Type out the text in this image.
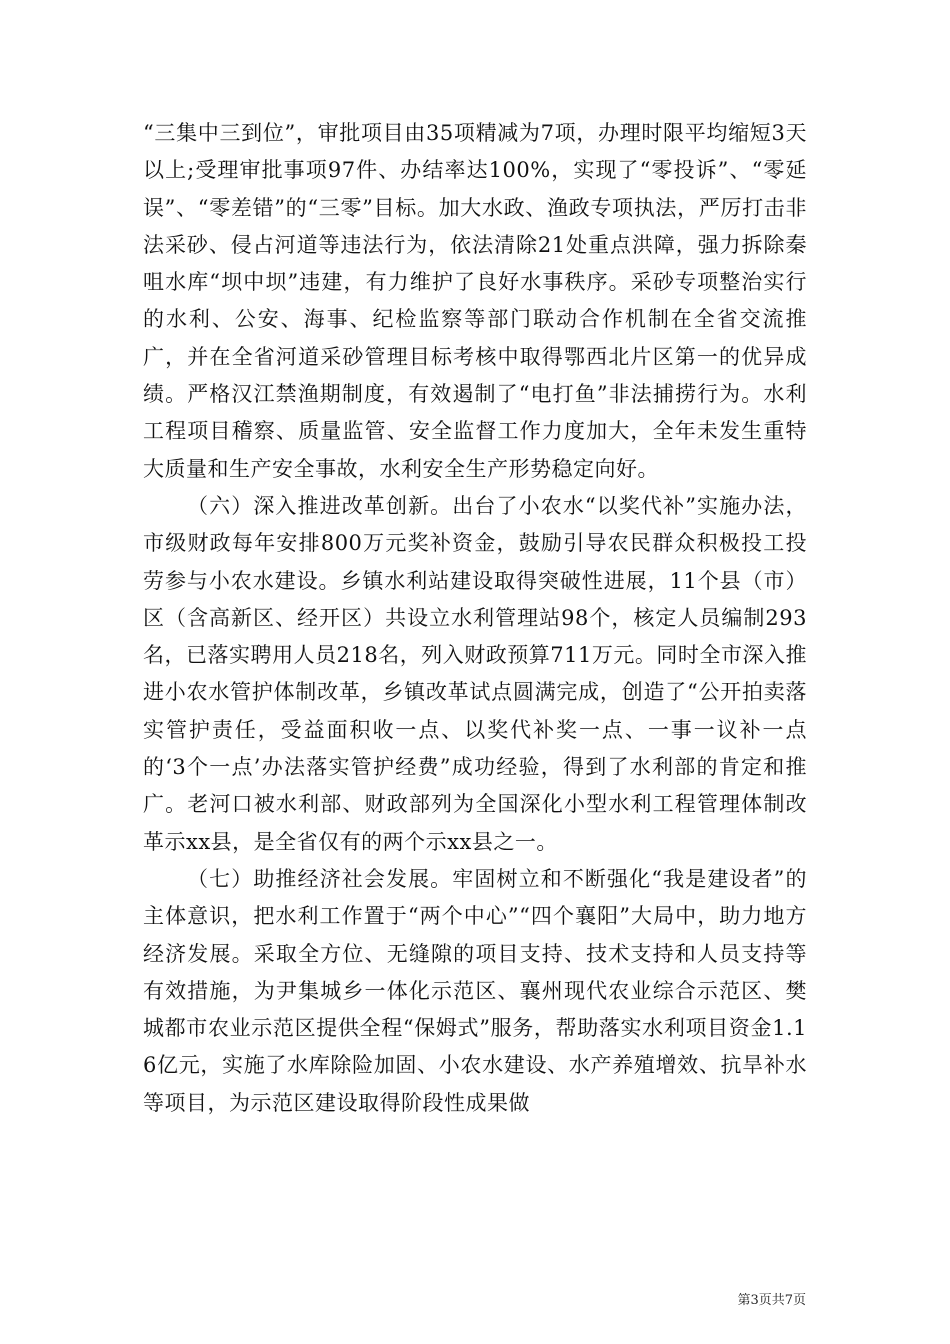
“三集中三到位”，审批项目由35项精减为7项，办理时限平均缩短3天以上;受理审批事项97件、办结率达100%，实现了“零投诉”、“零延误”、“零差错”的“三零”目标。加大水政、渔政专项执法，严厉打击非法采砂、侵占河道等违法行为，依法清除21处重点洪障，强力拆除秦咀水库“坝中坝”违建，有力维护了良好水事秩序。采砂专项整治实行的水利、公安、海事、纪检监察等部门联动合作机制在全省交流推广，并在全省河道采砂管理目标考核中取得鄂西北片区第一的优异成绩。严格汉江禁渔期制度，有效遏制了“电打鱼”非法捕捞行为。水利工程项目稽察、质量监管、安全监督工作力度加大，全年未发生重特大质量和生产安全事故，水利安全生产形势稳定向好。

（六）深入推进改革创新。出台了小农水“以奖代补”实施办法，市级财政每年安排800万元奖补资金，鼓励引导农民群众积极投工投劳参与小农水建设。乡镇水利站建设取得突破性进展，11个县（市）区（含高新区、经开区）共设立水利管理站98个，核定人员编制293名，已落实聘用人员218名，列入财政预算711万元。同时全市深入推进小农水管护体制改革，乡镇改革试点圆满完成，创造了“公开拍卖落实管护责任，受益面积收一点、以奖代补奖一点、一事一议补一点的‘3个一点’办法落实管护经费”成功经验，得到了水利部的肯定和推广。老河口被水利部、财政部列为全国深化小型水利工程管理体制改革示xx县，是全省仅有的两个示xx县之一。

（七）助推经济社会发展。牢固树立和不断强化“我是建设者”的主体意识，把水利工作置于“两个中心”“四个襄阳”大局中，助力地方经济发展。采取全方位、无缝隙的项目支持、技术支持和人员支持等有效措施，为尹集城乡一体化示范区、襄州现代农业综合示范区、樊城都市农业示范区提供全程“保姆式”服务，帮助落实水利项目资金1.16亿元，实施了水库除险加固、小农水建设、水产养殖增效、抗旱补水等项目，为示范区建设取得阶段性成果做

第3页共7页
